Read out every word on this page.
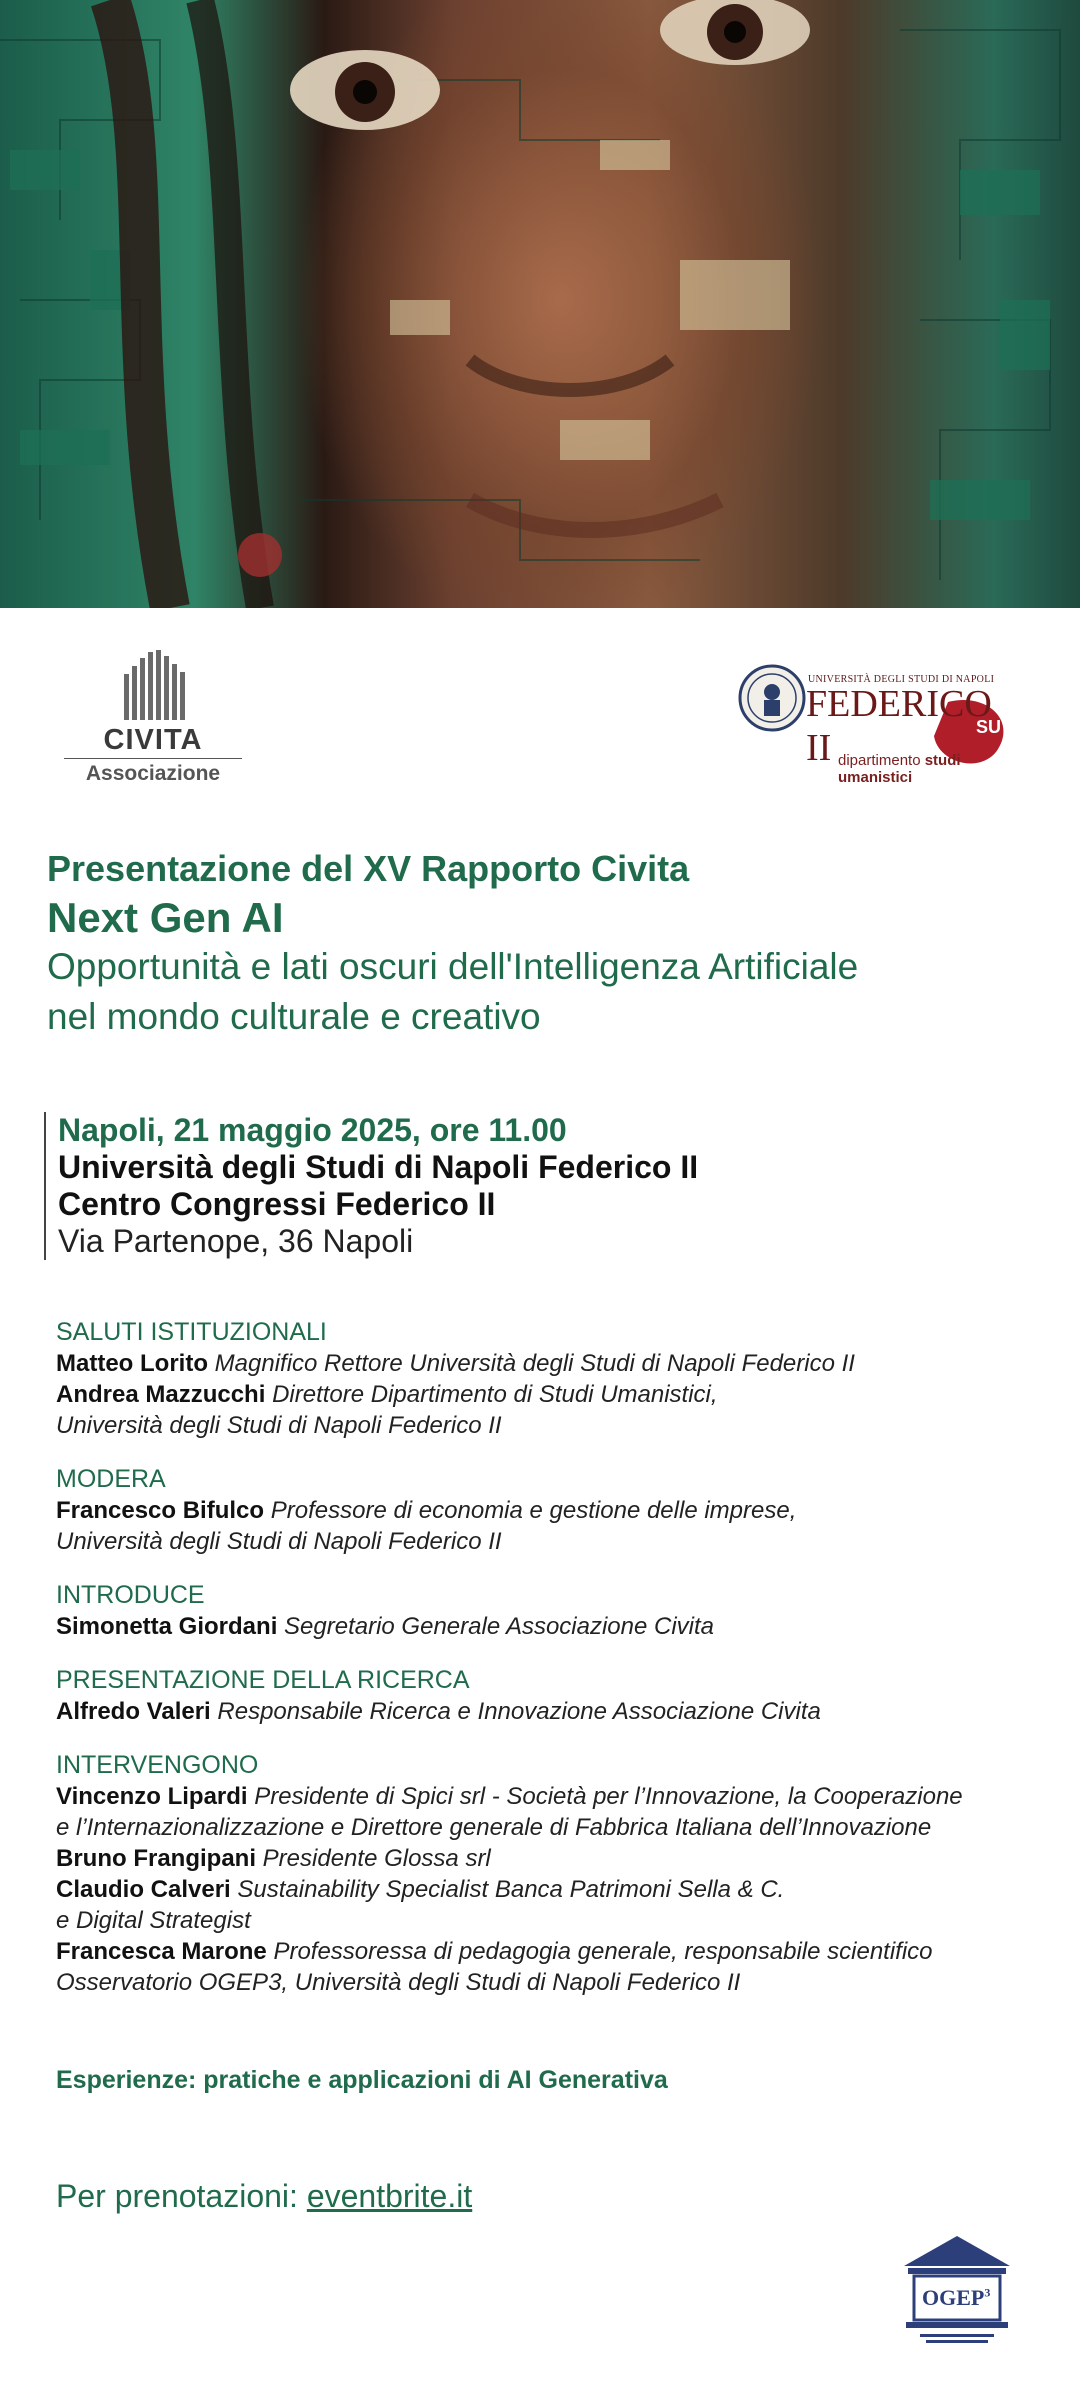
CIVITA
Associazione
UNIVERSITÀ DEGLI STUDI DI NAPOLI
FEDERICO II	SU
dipartimento studi umanistici
Presentazione del XV Rapporto Civita
Next Gen AI
Opportunità e lati oscuri dell'Intelligenza Artificiale
nel mondo culturale e creativo
Napoli, 21 maggio 2025, ore 11.00
Università degli Studi di Napoli Federico II
Centro Congressi Federico II
Via Partenope, 36 Napoli
SALUTI ISTITUZIONALI
Matteo Lorito Magnifico Rettore Università degli Studi di Napoli Federico II
Andrea Mazzucchi Direttore Dipartimento di Studi Umanistici,
Università degli Studi di Napoli Federico II
MODERA
Francesco Bifulco Professore di economia e gestione delle imprese,
Università degli Studi di Napoli Federico II
INTRODUCE
Simonetta Giordani Segretario Generale Associazione Civita
PRESENTAZIONE DELLA RICERCA
Alfredo Valeri Responsabile Ricerca e Innovazione Associazione Civita
INTERVENGONO
Vincenzo Lipardi Presidente di Spici srl - Società per l’Innovazione, la Cooperazione
e l’Internazionalizzazione e Direttore generale di Fabbrica Italiana dell’Innovazione
Bruno Frangipani Presidente Glossa srl
Claudio Calveri Sustainability Specialist Banca Patrimoni Sella & C.
e Digital Strategist
Francesca Marone Professoressa di pedagogia generale, responsabile scientifico
Osservatorio OGEP3, Università degli Studi di Napoli Federico II
Esperienze: pratiche e applicazioni di AI Generativa
Per prenotazioni: eventbrite.it
OGEP$^3$
